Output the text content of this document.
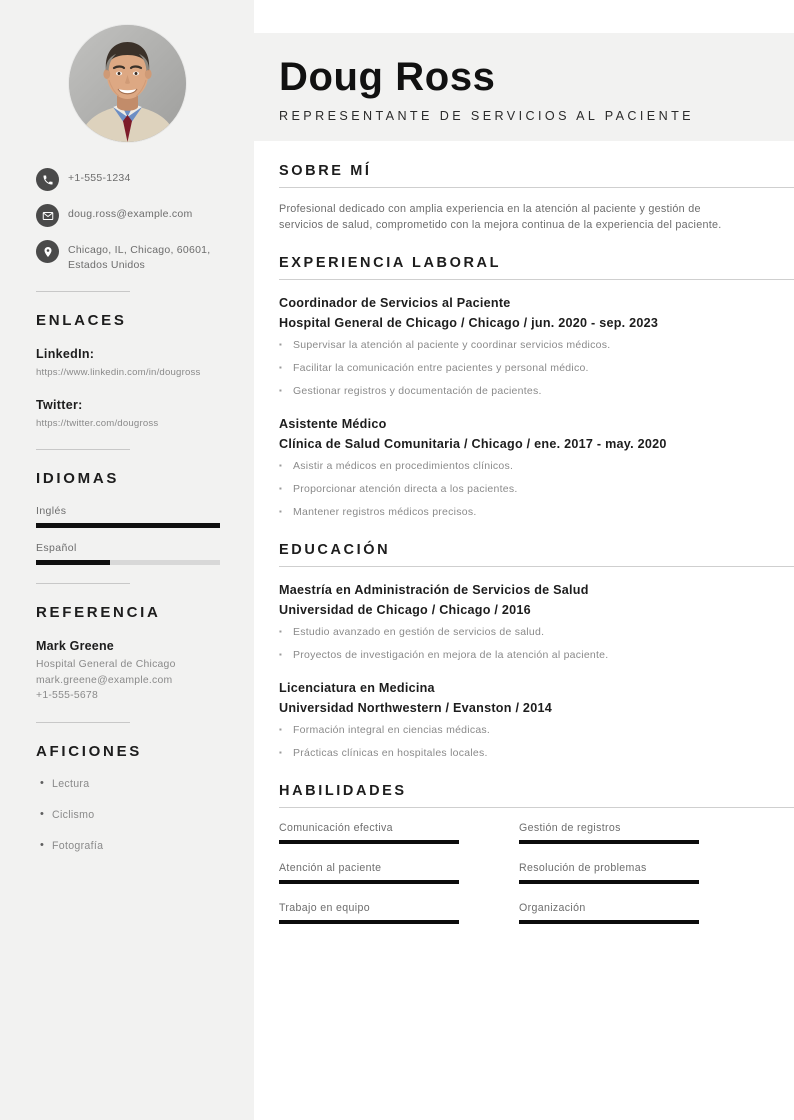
+1-555-1234
doug.ross@example.com
Chicago, IL, Chicago, 60601, Estados Unidos
ENLACES
LinkedIn:
https://www.linkedin.com/in/dougross
Twitter:
https://twitter.com/dougross
IDIOMAS
Inglés
Español
REFERENCIA
Mark Greene
Hospital General de Chicago
mark.greene@example.com
+1-555-5678
AFICIONES
• Lectura
• Ciclismo
• Fotografía
Doug Ross
REPRESENTANTE DE SERVICIOS AL PACIENTE
SOBRE MÍ

Profesional dedicado con amplia experiencia en la atención al paciente y gestión de servicios de salud, comprometido con la mejora continua de la experiencia del paciente.

EXPERIENCIA LABORAL
Coordinador de Servicios al Paciente
Hospital General de Chicago / Chicago / jun. 2020 - sep. 2023
▪ Supervisar la atención al paciente y coordinar servicios médicos.
▪ Facilitar la comunicación entre pacientes y personal médico.
▪ Gestionar registros y documentación de pacientes.
Asistente Médico
Clínica de Salud Comunitaria / Chicago / ene. 2017 - may. 2020
▪ Asistir a médicos en procedimientos clínicos.
▪ Proporcionar atención directa a los pacientes.
▪ Mantener registros médicos precisos.
EDUCACIÓN
Maestría en Administración de Servicios de Salud
Universidad de Chicago / Chicago / 2016
▪ Estudio avanzado en gestión de servicios de salud.
▪ Proyectos de investigación en mejora de la atención al paciente.
Licenciatura en Medicina
Universidad Northwestern / Evanston / 2014
▪ Formación integral en ciencias médicas.
▪ Prácticas clínicas en hospitales locales.
HABILIDADES
Comunicación efectiva	Gestión de registros
Atención al paciente	Resolución de problemas
Trabajo en equipo	Organización
